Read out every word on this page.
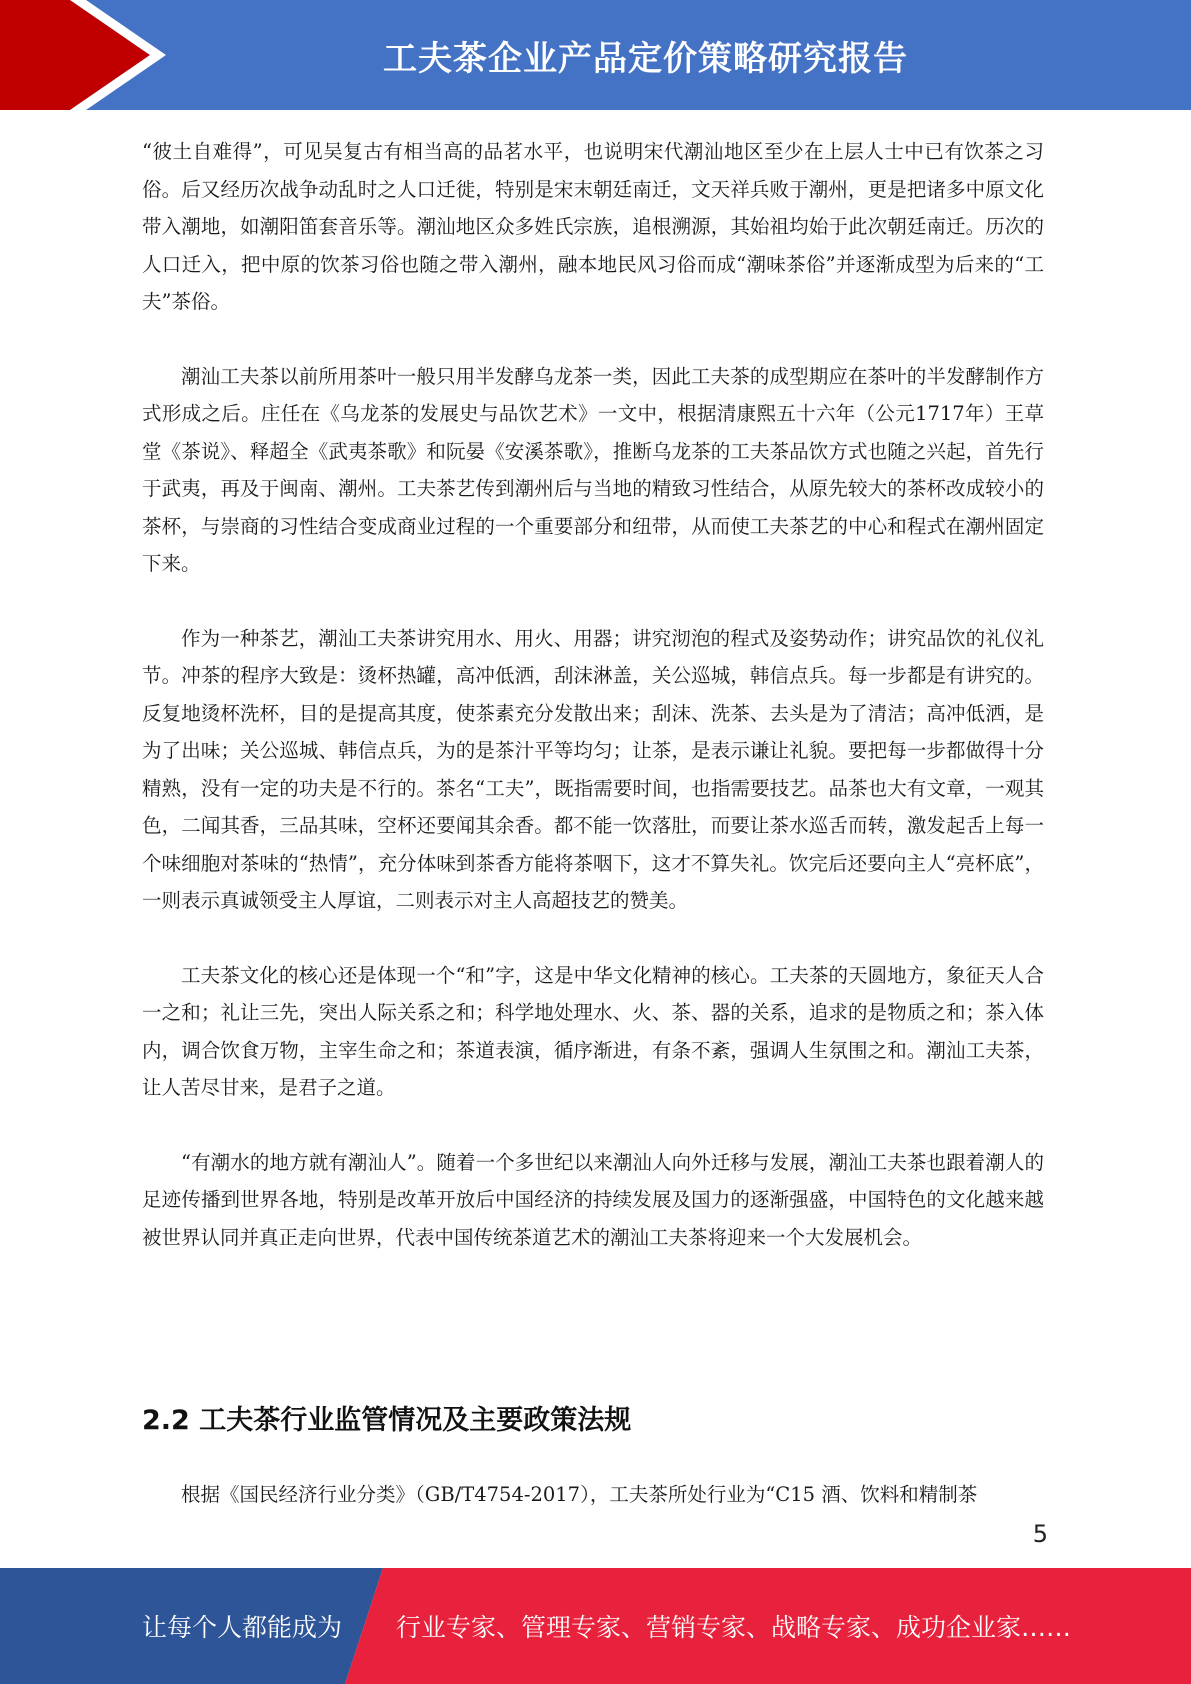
工夫茶企业产品定价策略研究报告

“彼土自难得”，可见吴复古有相当高的品茗水平，也说明宋代潮汕地区至少在上层人士中已有饮茶之习俗。后又经历次战争动乱时之人口迁徙，特别是宋末朝廷南迁，文天祥兵败于潮州，更是把诸多中原文化带入潮地，如潮阳笛套音乐等。潮汕地区众多姓氏宗族，追根溯源，其始祖均始于此次朝廷南迁。历次的人口迁入，把中原的饮茶习俗也随之带入潮州，融本地民风习俗而成“潮味茶俗”并逐渐成型为后来的“工夫”茶俗。

潮汕工夫茶以前所用茶叶一般只用半发酵乌龙茶一类，因此工夫茶的成型期应在茶叶的半发酵制作方式形成之后。庄任在《乌龙茶的发展史与品饮艺术》一文中，根据清康熙五十六年（公元1717年）王草堂《茶说》、释超全《武夷茶歌》和阮晏《安溪茶歌》，推断乌龙茶的工夫茶品饮方式也随之兴起，首先行于武夷，再及于闽南、潮州。工夫茶艺传到潮州后与当地的精致习性结合，从原先较大的茶杯改成较小的茶杯，与崇商的习性结合变成商业过程的一个重要部分和纽带，从而使工夫茶艺的中心和程式在潮州固定下来。

作为一种茶艺，潮汕工夫茶讲究用水、用火、用器；讲究沏泡的程式及姿势动作；讲究品饮的礼仪礼节。冲茶的程序大致是：烫杯热罐，高冲低洒，刮沫淋盖，关公巡城，韩信点兵。每一步都是有讲究的。反复地烫杯洗杯，目的是提高其度，使茶素充分发散出来；刮沫、洗茶、去头是为了清洁；高冲低洒，是为了出味；关公巡城、韩信点兵，为的是茶汁平等均匀；让茶，是表示谦让礼貌。要把每一步都做得十分精熟，没有一定的功夫是不行的。茶名“工夫”，既指需要时间，也指需要技艺。品茶也大有文章，一观其色，二闻其香，三品其味，空杯还要闻其余香。都不能一饮落肚，而要让茶水巡舌而转，激发起舌上每一个味细胞对茶味的“热情”，充分体味到茶香方能将茶咽下，这才不算失礼。饮完后还要向主人“亮杯底”，一则表示真诚领受主人厚谊，二则表示对主人高超技艺的赞美。

工夫茶文化的核心还是体现一个“和”字，这是中华文化精神的核心。工夫茶的天圆地方，象征天人合一之和；礼让三先，突出人际关系之和；科学地处理水、火、茶、器的关系，追求的是物质之和；茶入体内，调合饮食万物，主宰生命之和；茶道表演，循序渐进，有条不紊，强调人生氛围之和。潮汕工夫茶，让人苦尽甘来，是君子之道。

“有潮水的地方就有潮汕人”。随着一个多世纪以来潮汕人向外迁移与发展，潮汕工夫茶也跟着潮人的足迹传播到世界各地，特别是改革开放后中国经济的持续发展及国力的逐渐强盛，中国特色的文化越来越被世界认同并真正走向世界，代表中国传统茶道艺术的潮汕工夫茶将迎来一个大发展机会。

2.2 工夫茶行业监管情况及主要政策法规

根据《国民经济行业分类》（GB/T4754-2017），工夫茶所处行业为“C15 酒、饮料和精制茶

5
让每个人都能成为 行业专家、管理专家、营销专家、战略专家、成功企业家……
